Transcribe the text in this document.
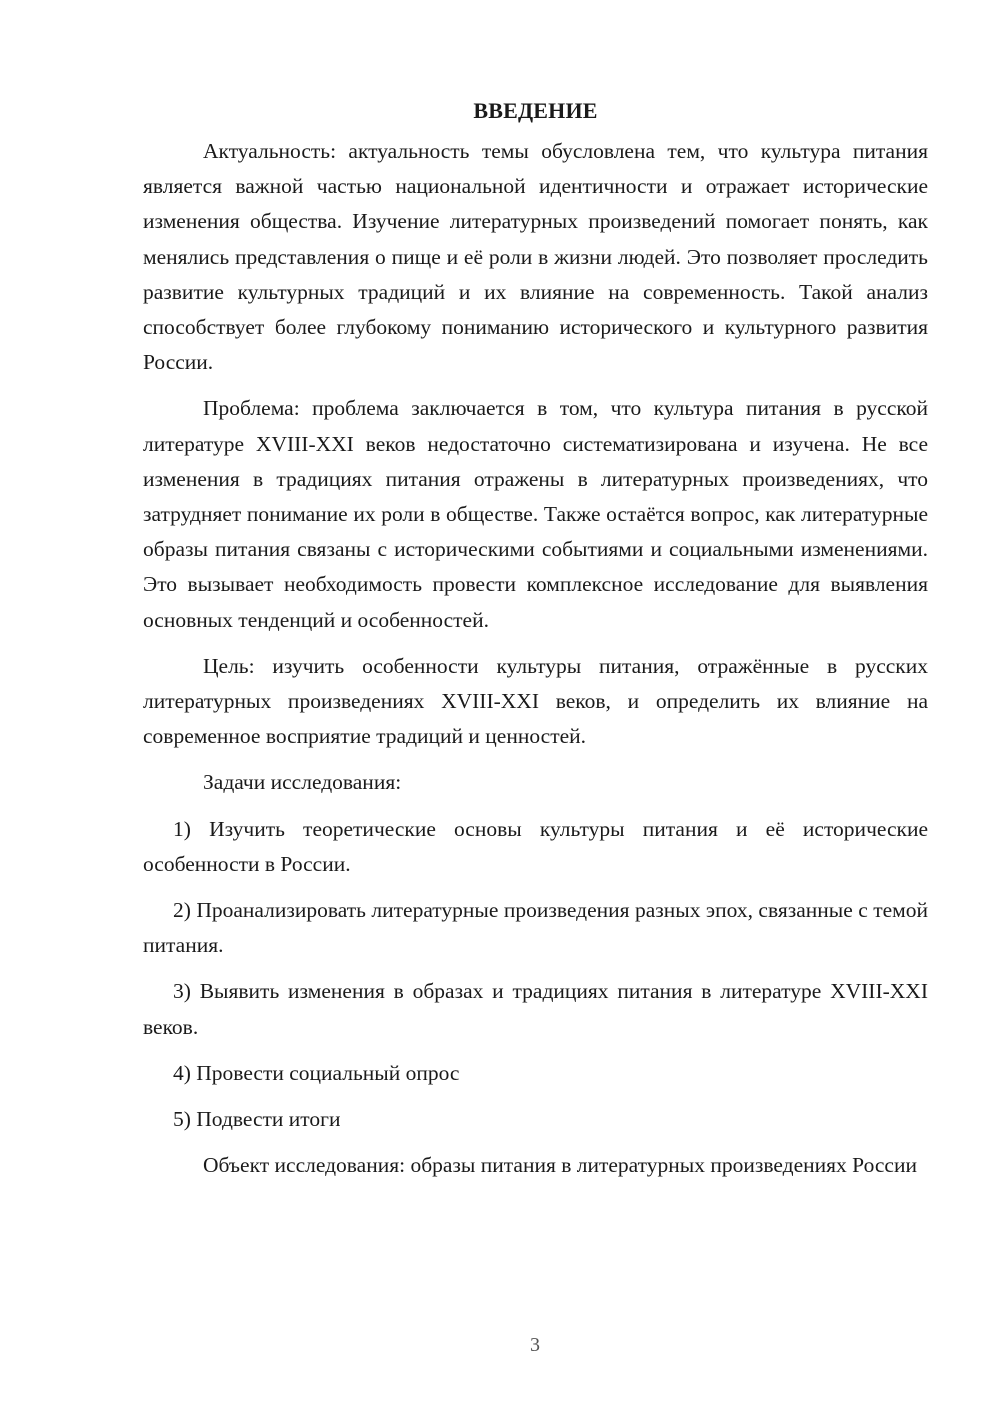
ВВЕДЕНИЕ

Актуальность: актуальность темы обусловлена тем, что культура питания является важной частью национальной идентичности и отражает исторические изменения общества. Изучение литературных произведений помогает понять, как менялись представления о пище и её роли в жизни людей. Это позволяет проследить развитие культурных традиций и их влияние на современность. Такой анализ способствует более глубокому пониманию исторического и культурного развития России.

Проблема: проблема заключается в том, что культура питания в русской литературе XVIII-XXI веков недостаточно систематизирована и изучена. Не все изменения в традициях питания отражены в литературных произведениях, что затрудняет понимание их роли в обществе. Также остаётся вопрос, как литературные образы питания связаны с историческими событиями и социальными изменениями. Это вызывает необходимость провести комплексное исследование для выявления основных тенденций и особенностей.

Цель: изучить особенности культуры питания, отражённые в русских литературных произведениях XVIII-XXI веков, и определить их влияние на современное восприятие традиций и ценностей.

Задачи исследования:

1) Изучить теоретические основы культуры питания и её исторические особенности в России.

2) Проанализировать литературные произведения разных эпох, связанные с темой питания.

3) Выявить изменения в образах и традициях питания в литературе XVIII-XXI веков.

4) Провести социальный опрос

5) Подвести итоги

Объект исследования: образы питания в литературных произведениях России

3
